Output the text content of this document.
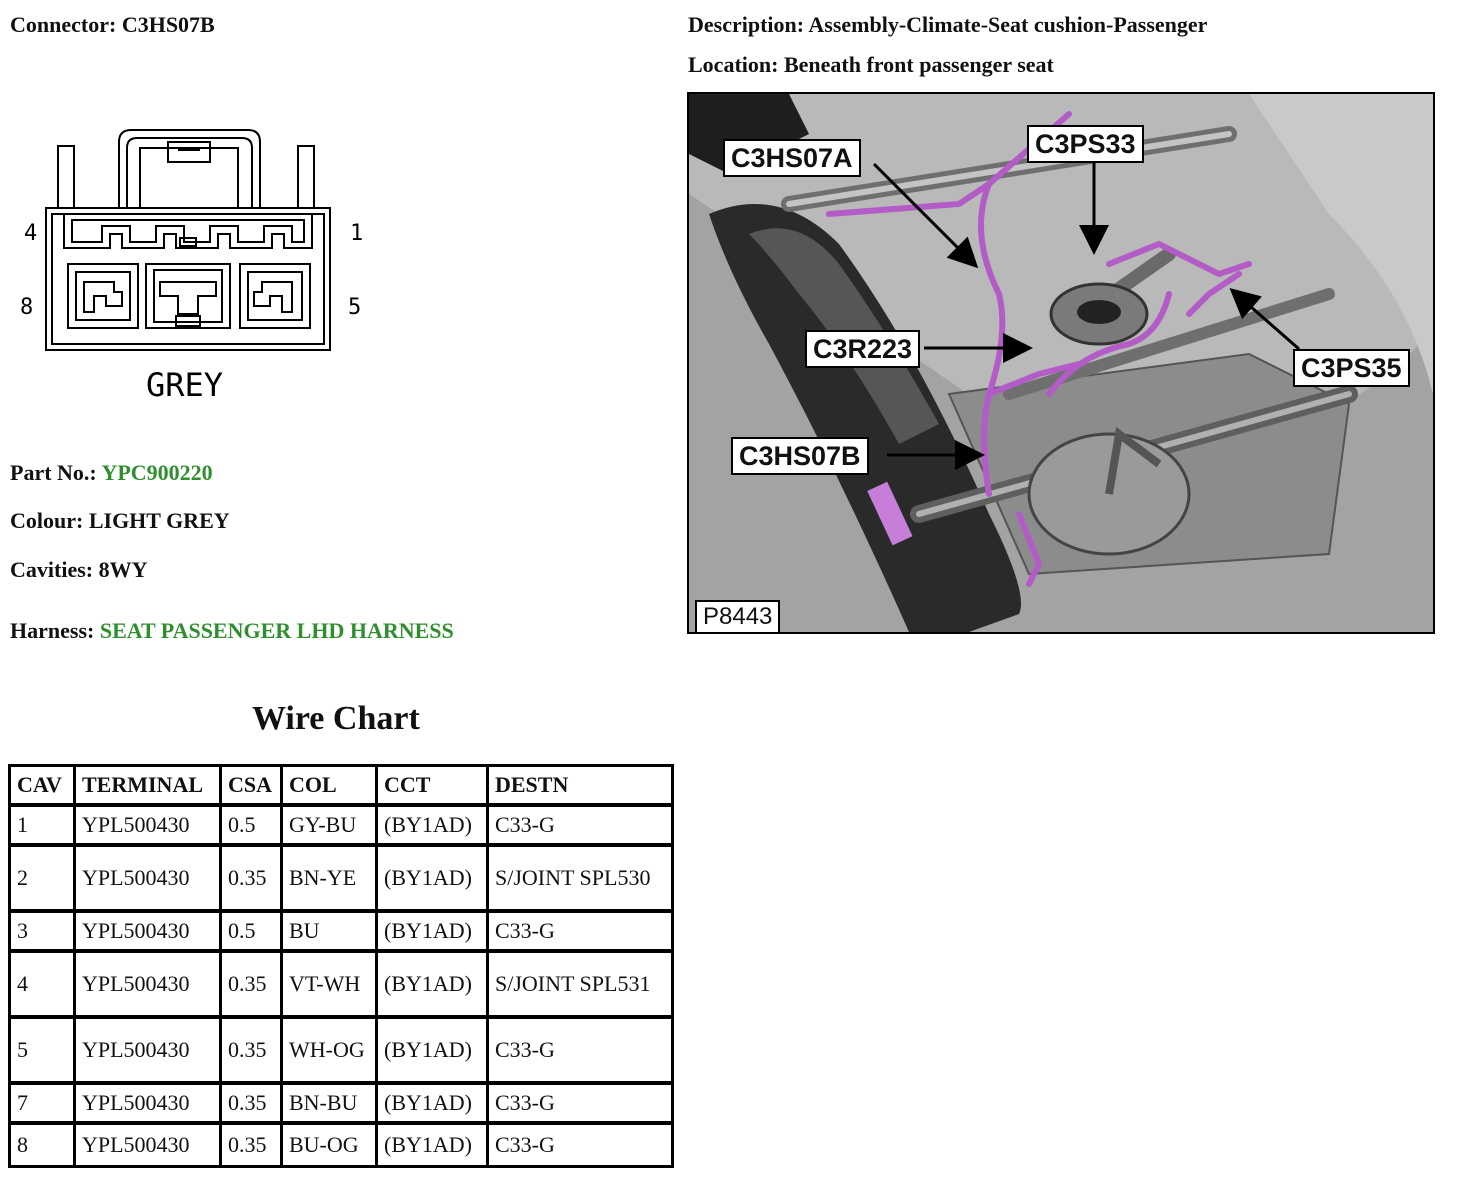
Connector: C3HS07B	Description: Assembly-Climate-Seat cushion-Passenger
Location: Beneath front passenger seat
4	1
8	5
GREY
Part No.: YPC900220
Colour: LIGHT GREY
Cavities: 8WY
Harness: SEAT PASSENGER LHD HARNESS
Wire Chart
CAV	TERMINAL	CSA	COL	CCT	DESTN
1	YPL500430	0.5	GY-BU	(BY1AD)	C33-G
2	YPL500430	0.35	BN-YE	(BY1AD)	S/JOINT SPL530
3	YPL500430	0.5	BU	(BY1AD)	C33-G
4	YPL500430	0.35	VT-WH	(BY1AD)	S/JOINT SPL531
5	YPL500430	0.35	WH-OG	(BY1AD)	C33-G
7	YPL500430	0.35	BN-BU	(BY1AD)	C33-G
8	YPL500430	0.35	BU-OG	(BY1AD)	C33-G
C3HS07A	C3PS33
C3R223
C3PS35
C3HS07B
P8443
